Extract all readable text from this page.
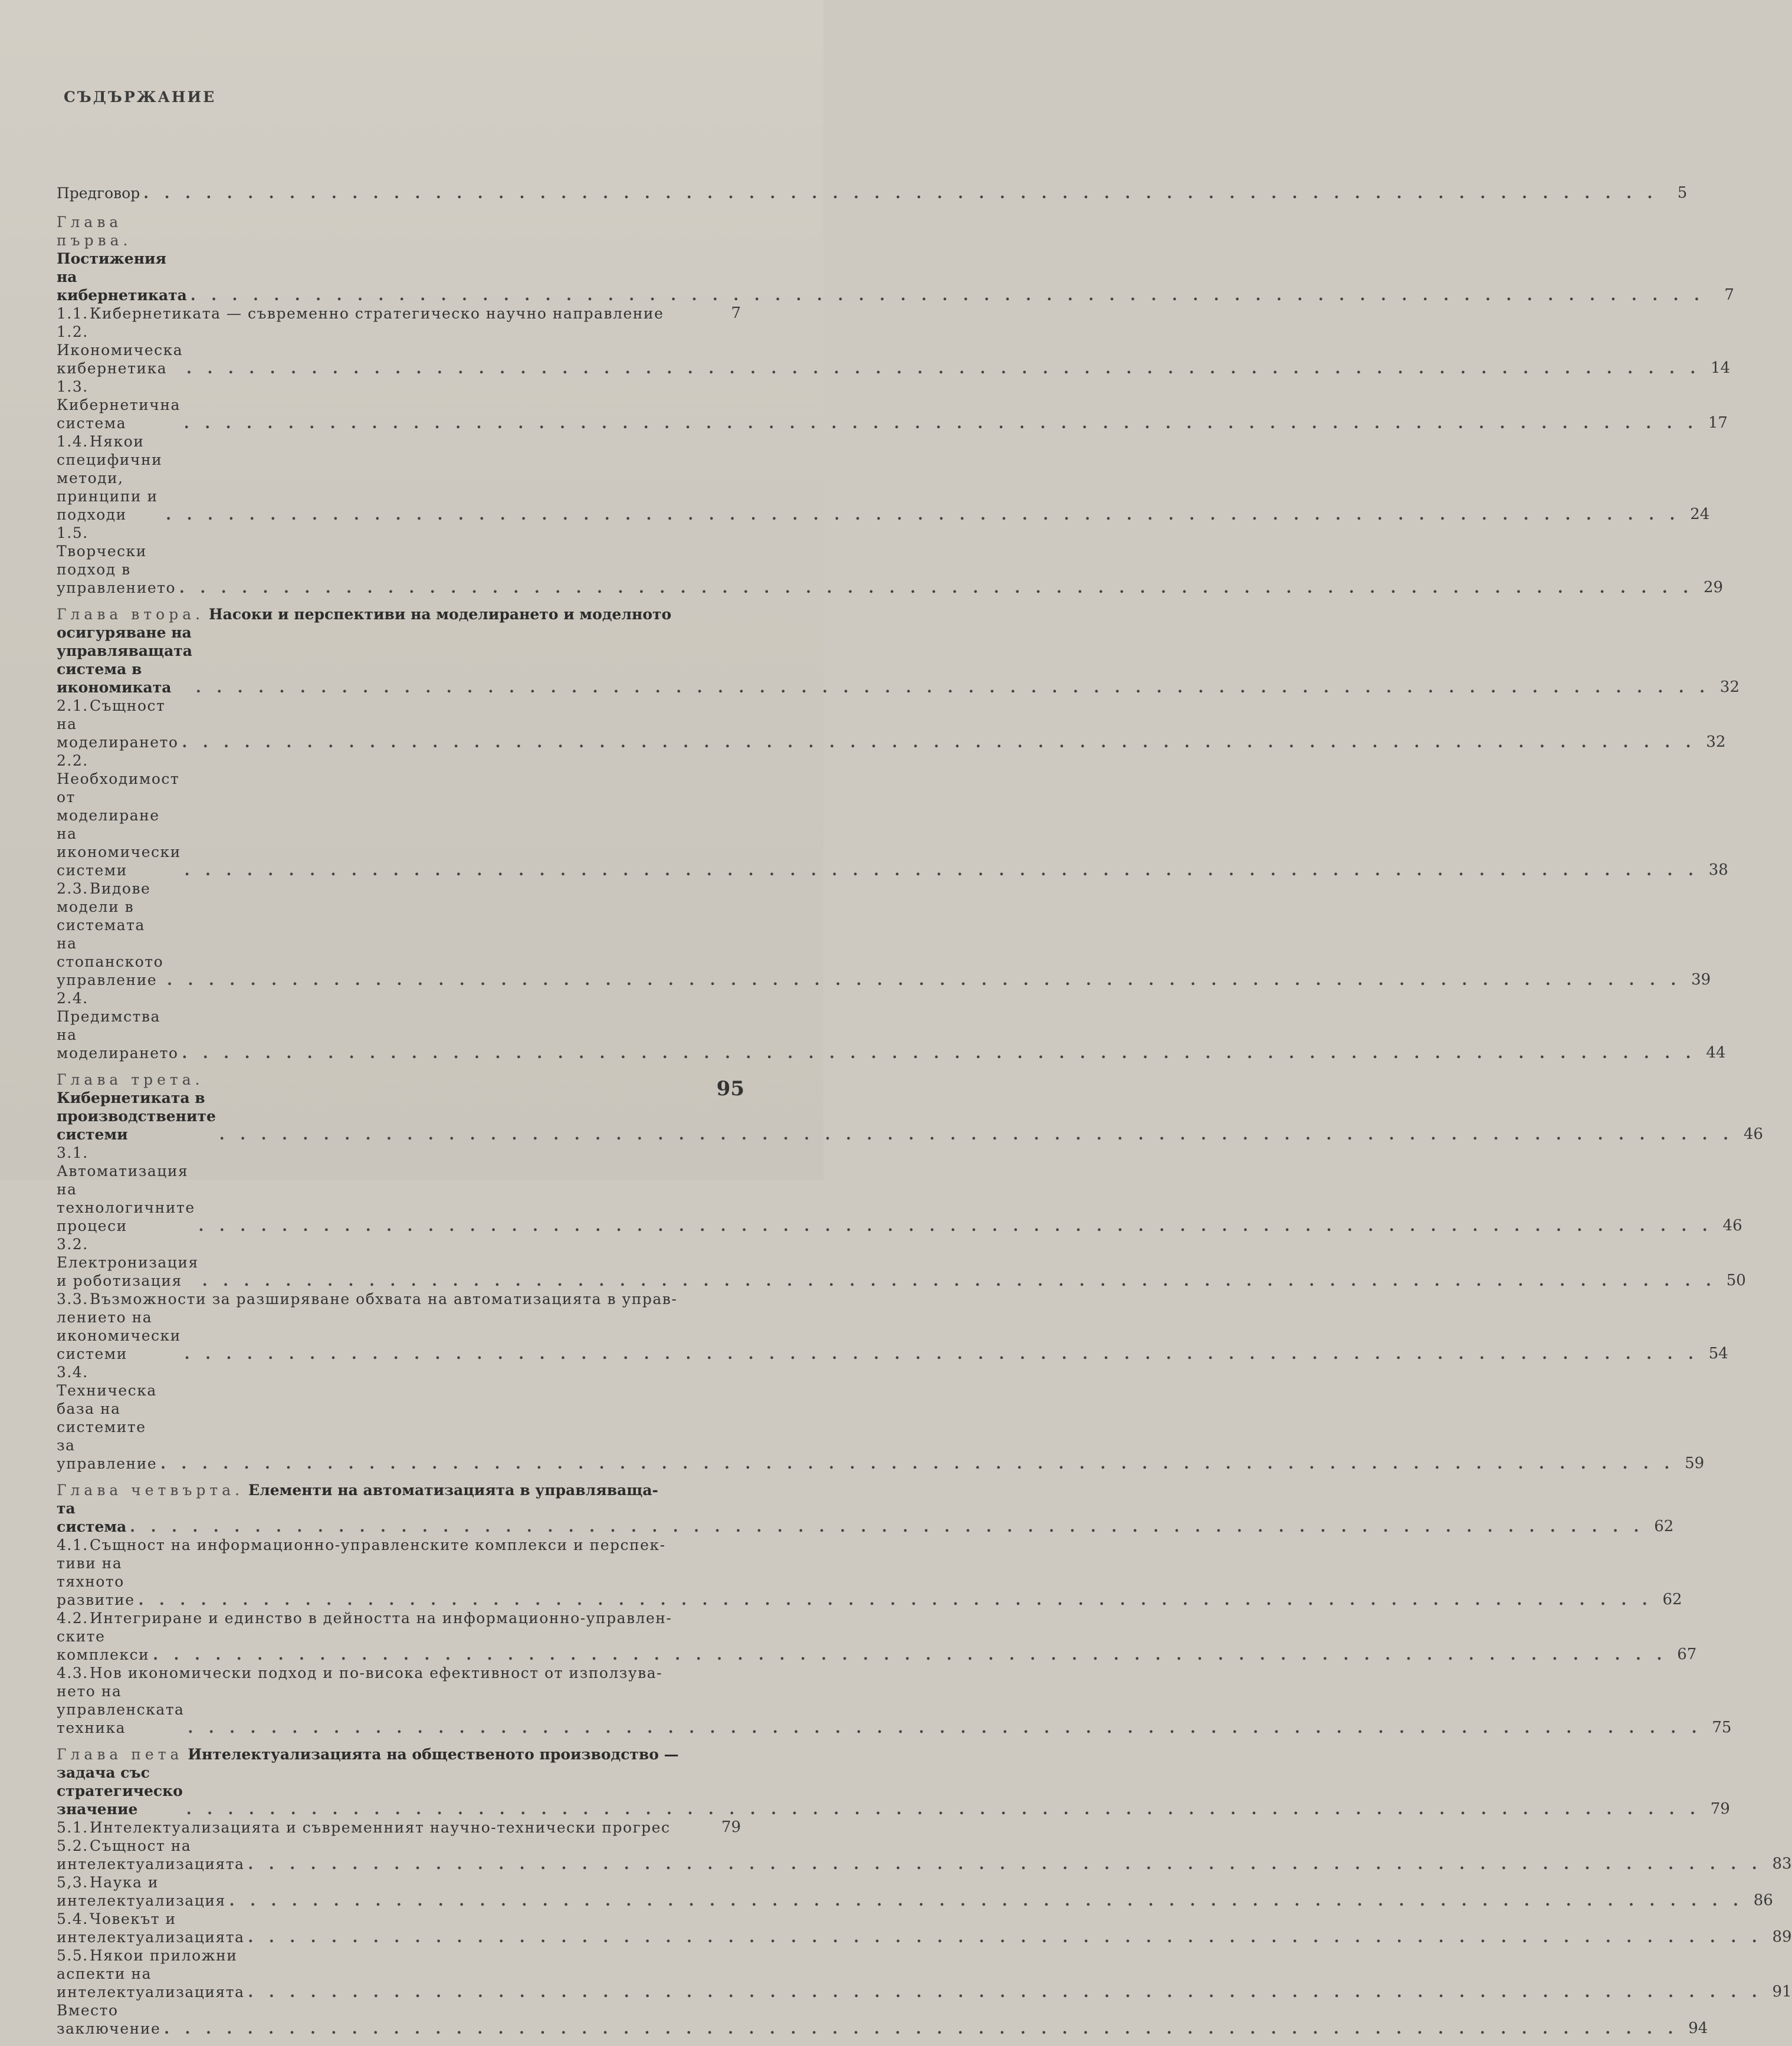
СЪДЪРЖАНИЕ
Предговор . . . . . . . . . . . . . . . . . . . . . . . . . . . . . . . . . . . . . . . . . . . . . . . . . . . . . . . . . . . . . . . . . . . . . . . . .	5
Глава първа. Постижения на кибернетиката . . . . . . . . . . . . . . . . . . . . . . . . . . . . . . . . . . . . . . . . . . . . . . . . . . . . . . . . . . . . . . . . . . . . . . . . .	7
1.1.Кибернетиката — съвременно стратегическо научно направление	7
1.2.Икономическа кибернетика	. . . . . . . . . . . . . . . . . . . . . . . . . . . . . . . . . . . . . . . . . . . . . . . . . . . . . . . . . . . . . . . . . . . . . . . . . 14
1.3.Кибернетична система	. . . . . . . . . . . . . . . . . . . . . . . . . . . . . . . . . . . . . . . . . . . . . . . . . . . . . . . . . . . . . . . . . . . . . . . . . 17
1.4.Някои специфични методи, принципи и подходи	. . . . . . . . . . . . . . . . . . . . . . . . . . . . . . . . . . . . . . . . . . . . . . . . . . . . . . . . . . . . . . . . . . . . . . . . . 24
1.5.Творчески подход в управлението . . . . . . . . . . . . . . . . . . . . . . . . . . . . . . . . . . . . . . . . . . . . . . . . . . . . . . . . . . . . . . . . . . . . . . . . . 29
Глава втора. Насоки и перспективи на моделирането и моделното
осигуряване на управляващата система в икономиката	. . . . . . . . . . . . . . . . . . . . . . . . . . . . . . . . . . . . . . . . . . . . . . . . . . . . . . . . . . . . . . . . . . . . . . . . . 32
2.1.Същност на моделирането . . . . . . . . . . . . . . . . . . . . . . . . . . . . . . . . . . . . . . . . . . . . . . . . . . . . . . . . . . . . . . . . . . . . . . . . . 32
2.2.Необходимост от моделиране на икономически системи	. . . . . . . . . . . . . . . . . . . . . . . . . . . . . . . . . . . . . . . . . . . . . . . . . . . . . . . . . . . . . . . . . . . . . . . . . 38
2.3.Видове модели в системата на стопанското управление . . . . . . . . . . . . . . . . . . . . . . . . . . . . . . . . . . . . . . . . . . . . . . . . . . . . . . . . . . . . . . . . . . . . . . . . . 39
2.4.Предимства на моделирането . . . . . . . . . . . . . . . . . . . . . . . . . . . . . . . . . . . . . . . . . . . . . . . . . . . . . . . . . . . . . . . . . . . . . . . . . 44
Глава трета. Кибернетиката в производствените системи	. . . . . . . . . . . . . . . . . . . . . . . . . . . . . . . . . . . . . . . . . . . . . . . . . . . . . . . . . . . . . . . . . . . . . . . . . 46
3.1.Автоматизация на технологичните процеси	. . . . . . . . . . . . . . . . . . . . . . . . . . . . . . . . . . . . . . . . . . . . . . . . . . . . . . . . . . . . . . . . . . . . . . . . . 46
3.2.Електронизация и роботизация	. . . . . . . . . . . . . . . . . . . . . . . . . . . . . . . . . . . . . . . . . . . . . . . . . . . . . . . . . . . . . . . . . . . . . . . . . 50
3.3.Възможности за разширяване обхвата на автоматизацията в управ-
лението на икономически системи	. . . . . . . . . . . . . . . . . . . . . . . . . . . . . . . . . . . . . . . . . . . . . . . . . . . . . . . . . . . . . . . . . . . . . . . . . 54
3.4.Техническа база на системите за управление . . . . . . . . . . . . . . . . . . . . . . . . . . . . . . . . . . . . . . . . . . . . . . . . . . . . . . . . . . . . . . . . . . . . . . . . . 59
Глава четвърта. Елементи на автоматизацията в управляваща-
та система . . . . . . . . . . . . . . . . . . . . . . . . . . . . . . . . . . . . . . . . . . . . . . . . . . . . . . . . . . . . . . . . . . . . . . . . . 62
4.1.Същност на информационно-управленските комплекси и перспек-
тиви на тяхното развитие . . . . . . . . . . . . . . . . . . . . . . . . . . . . . . . . . . . . . . . . . . . . . . . . . . . . . . . . . . . . . . . . . . . . . . . . . 62
4.2.Интегриране и единство в дейността на информационно-управлен-
ските комплекси . . . . . . . . . . . . . . . . . . . . . . . . . . . . . . . . . . . . . . . . . . . . . . . . . . . . . . . . . . . . . . . . . . . . . . . . . 67
4.3.Нов икономически подход и по-висока ефективност от използува-
нето на управленската техника	. . . . . . . . . . . . . . . . . . . . . . . . . . . . . . . . . . . . . . . . . . . . . . . . . . . . . . . . . . . . . . . . . . . . . . . . . 75
Глава пета Интелектуализацията на общественото производство —
задача със стратегическо значение	. . . . . . . . . . . . . . . . . . . . . . . . . . . . . . . . . . . . . . . . . . . . . . . . . . . . . . . . . . . . . . . . . . . . . . . . . 79
5.1.Интелектуализацията и съвременният научно-технически прогрес	79
5.2.Същност на интелектуализацията . . . . . . . . . . . . . . . . . . . . . . . . . . . . . . . . . . . . . . . . . . . . . . . . . . . . . . . . . . . . . . . . . . . . . . . . . 83
5,3.Наука и интелектуализация . . . . . . . . . . . . . . . . . . . . . . . . . . . . . . . . . . . . . . . . . . . . . . . . . . . . . . . . . . . . . . . . . . . . . . . . . 86
5.4.Човекът и интелектуализацията . . . . . . . . . . . . . . . . . . . . . . . . . . . . . . . . . . . . . . . . . . . . . . . . . . . . . . . . . . . . . . . . . . . . . . . . . 89
5.5.Някои приложни аспекти на интелектуализацията . . . . . . . . . . . . . . . . . . . . . . . . . . . . . . . . . . . . . . . . . . . . . . . . . . . . . . . . . . . . . . . . . . . . . . . . . 91
Вместо заключение . . . . . . . . . . . . . . . . . . . . . . . . . . . . . . . . . . . . . . . . . . . . . . . . . . . . . . . . . . . . . . . . . . . . . . . . . 94
95
